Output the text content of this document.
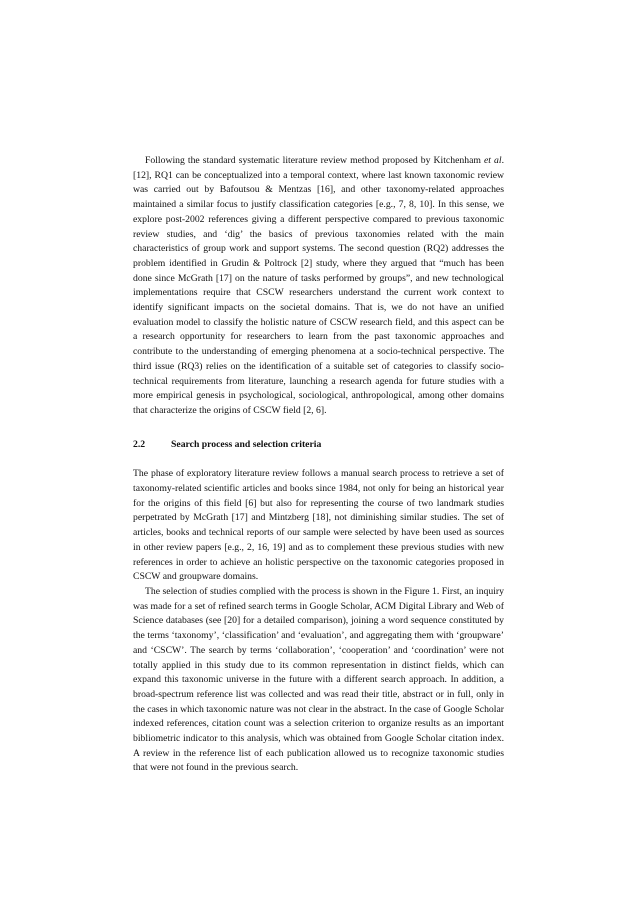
Following the standard systematic literature review method proposed by Kitchenham et al. [12], RQ1 can be conceptualized into a temporal context, where last known taxonomic review was carried out by Bafoutsou & Mentzas [16], and other taxonomy-related approaches maintained a similar focus to justify classification categories [e.g., 7, 8, 10]. In this sense, we explore post-2002 references giving a different perspective compared to previous taxonomic review studies, and ‘dig’ the basics of previous taxonomies related with the main characteristics of group work and support systems. The second question (RQ2) addresses the problem identified in Grudin & Poltrock [2] study, where they argued that “much has been done since McGrath [17] on the nature of tasks performed by groups”, and new technological implementations require that CSCW researchers understand the current work context to identify significant impacts on the societal domains. That is, we do not have an unified evaluation model to classify the holistic nature of CSCW research field, and this aspect can be a research opportunity for researchers to learn from the past taxonomic approaches and contribute to the understanding of emerging phenomena at a socio-technical perspective. The third issue (RQ3) relies on the identification of a suitable set of categories to classify socio-technical requirements from literature, launching a research agenda for future studies with a more empirical genesis in psychological, sociological, anthropological, among other domains that characterize the origins of CSCW field [2, 6].

2.2	Search process and selection criteria

The phase of exploratory literature review follows a manual search process to retrieve a set of taxonomy-related scientific articles and books since 1984, not only for being an historical year for the origins of this field [6] but also for representing the course of two landmark studies perpetrated by McGrath [17] and Mintzberg [18], not diminishing similar studies. The set of articles, books and technical reports of our sample were selected by have been used as sources in other review papers [e.g., 2, 16, 19] and as to complement these previous studies with new references in order to achieve an holistic perspective on the taxonomic categories proposed in CSCW and groupware domains.

The selection of studies complied with the process is shown in the Figure 1. First, an inquiry was made for a set of refined search terms in Google Scholar, ACM Digital Library and Web of Science databases (see [20] for a detailed comparison), joining a word sequence constituted by the terms ‘taxonomy’, ‘classification’ and ‘evaluation’, and aggregating them with ‘groupware’ and ‘CSCW’. The search by terms ‘collaboration’, ‘cooperation’ and ‘coordination’ were not totally applied in this study due to its common representation in distinct fields, which can expand this taxonomic universe in the future with a different search approach. In addition, a broad-spectrum reference list was collected and was read their title, abstract or in full, only in the cases in which taxonomic nature was not clear in the abstract. In the case of Google Scholar indexed references, citation count was a selection criterion to organize results as an important bibliometric indicator to this analysis, which was obtained from Google Scholar citation index. A review in the reference list of each publication allowed us to recognize taxonomic studies that were not found in the previous search.
